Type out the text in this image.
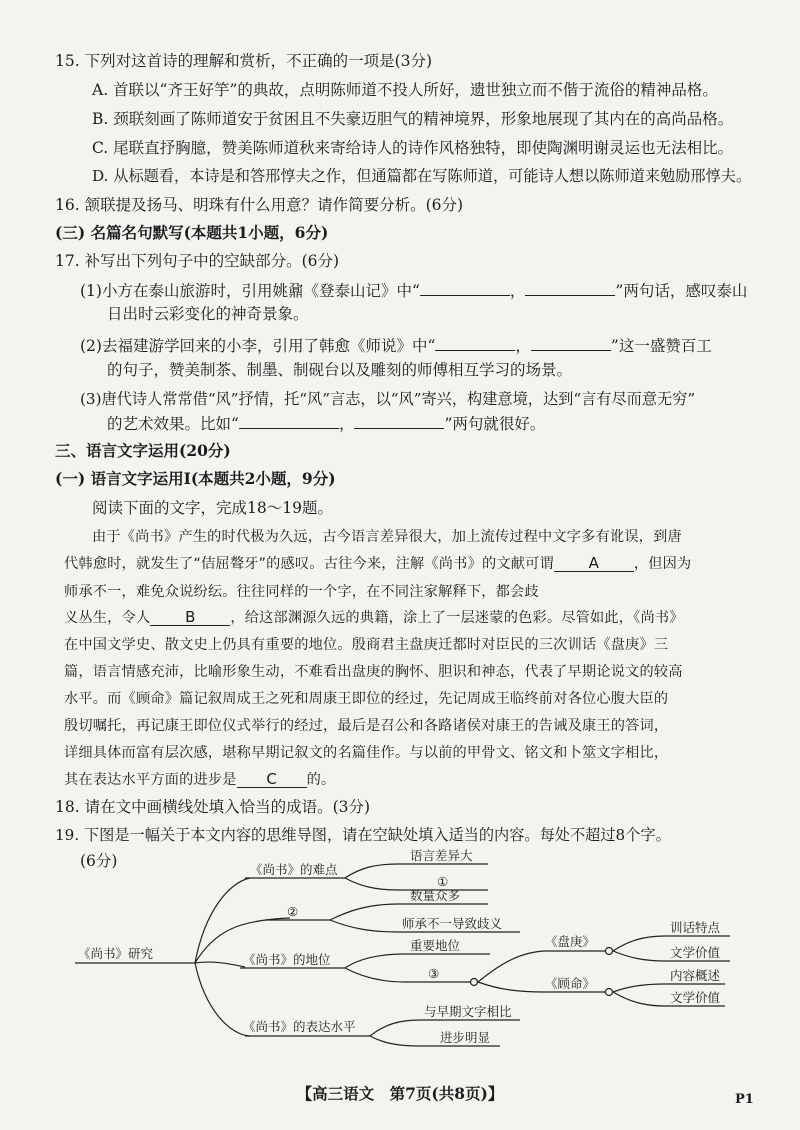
15. 下列对这首诗的理解和赏析，不正确的一项是(3分)
A. 首联以“齐王好竽”的典故，点明陈师道不投人所好，遗世独立而不偕于流俗的精神品格。
B. 颈联刻画了陈师道安于贫困且不失豪迈胆气的精神境界，形象地展现了其内在的高尚品格。
C. 尾联直抒胸臆，赞美陈师道秋来寄给诗人的诗作风格独特，即使陶渊明谢灵运也无法相比。
D. 从标题看，本诗是和答邢惇夫之作，但通篇都在写陈师道，可能诗人想以陈师道来勉励邢惇夫。
16. 颔联提及扬马、明珠有什么用意？请作简要分析。(6分)
(三) 名篇名句默写(本题共1小题，6分)
17. 补写出下列句子中的空缺部分。(6分)
(1)小方在泰山旅游时，引用姚鼐《登泰山记》中“	，	”两句话，感叹泰山
日出时云彩变化的神奇景象。
(2)去福建游学回来的小李，引用了韩愈《师说》中“	，	”这一盛赞百工
的句子，赞美制茶、制墨、制砚台以及雕刻的师傅相互学习的场景。
(3)唐代诗人常常借“风”抒情，托“风”言志，以“风”寄兴，构建意境，达到“言有尽而意无穷”
的艺术效果。比如“	，	”两句就很好。
三、语言文字运用(20分)
(一) 语言文字运用Ⅰ(本题共2小题，9分)
阅读下面的文字，完成18～19题。
由于《尚书》产生的时代极为久远，古今语言差异很大，加上流传过程中文字多有讹误，到唐
代韩愈时，就发生了“佶屈聱牙”的感叹。古往今来，注解《尚书》的文献可谓 A ，但因为
师承不一，难免众说纷纭。往往同样的一个字，在不同注家解释下，都会歧
义丛生，令人 B ，给这部渊源久远的典籍，涂上了一层迷蒙的色彩。尽管如此，《尚书》
在中国文学史、散文史上仍具有重要的地位。殷商君主盘庚迁都时对臣民的三次训话《盘庚》三
篇，语言情感充沛，比喻形象生动，不难看出盘庚的胸怀、胆识和神态，代表了早期论说文的较高
水平。而《顾命》篇记叙周成王之死和周康王即位的经过，先记周成王临终前对各位心腹大臣的
殷切嘱托，再记康王即位仪式举行的经过，最后是召公和各路诸侯对康王的告诫及康王的答词，
详细具体而富有层次感，堪称早期记叙文的名篇佳作。与以前的甲骨文、铭文和卜筮文字相比，
其在表达水平方面的进步是 C 的。
18. 请在文中画横线处填入恰当的成语。(3分)
19. 下图是一幅关于本文内容的思维导图，请在空缺处填入适当的内容。每处不超过8个字。
(6分)
《尚书》研究
《尚书》的难点
语言差异大
①
②
数量众多
师承不一导致歧义
《尚书》的地位
重要地位
③
《盘庚》
训话特点
文学价值
《顾命》
内容概述
文学价值
《尚书》的表达水平
与早期文字相比
进步明显
【高三语文　第7页(共8页)】	P1
